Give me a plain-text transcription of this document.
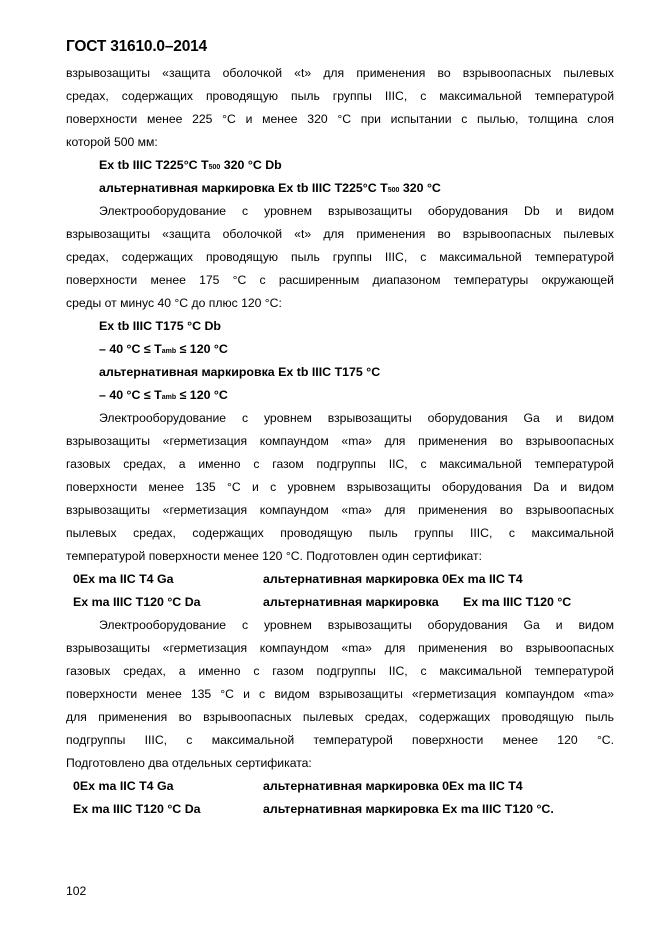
ГОСТ 31610.0–2014
взрывозащиты «защита оболочкой «t» для применения во взрывоопасных пылевых
средах, содержащих проводящую пыль группы IIIC, с максимальной температурой
поверхности менее 225 °С и менее 320 °С при испытании с пылью, толщина слоя
которой 500 мм:
Ex tb IIIC T225°C T500 320 °C Db
альтернативная маркировка Ex tb IIIC T225°C T500 320 °C
Электрооборудование с уровнем взрывозащиты оборудования Db и видом
взрывозащиты «защита оболочкой «t» для применения во взрывоопасных пылевых
средах, содержащих проводящую пыль группы IIIC, с максимальной температурой
поверхности менее 175 °С с расширенным диапазоном температуры окружающей
среды от минус 40 °С до плюс 120 °С:
Ex tb IIIC T175 °C Db
– 40 °C ≤ Tamb ≤ 120 °C
альтернативная маркировка Ex tb IIIC T175 °C
– 40 °C ≤ Tamb ≤ 120 °C
Электрооборудование с уровнем взрывозащиты оборудования Ga и видом
взрывозащиты «герметизация компаундом «ma» для применения во взрывоопасных
газовых средах, а именно с газом подгруппы IIC, с максимальной температурой
поверхности менее 135 °С и с уровнем взрывозащиты оборудования Da и видом
взрывозащиты «герметизация компаундом «ma» для применения во взрывоопасных
пылевых средах, содержащих проводящую пыль группы IIIC, с максимальной
температурой поверхности менее 120 °С. Подготовлен один сертификат:
0Ex ma IIC T4 Ga	альтернативная маркировка 0Ex ma IIC T4
Ex ma IIIC T120 °C Da	альтернативная маркировка Ex ma IIIC T120 °C
Электрооборудование с уровнем взрывозащиты оборудования Ga и видом
взрывозащиты «герметизация компаундом «ma» для применения во взрывоопасных
газовых средах, а именно с газом подгруппы IIC, с максимальной температурой
поверхности менее 135 °С и с видом взрывозащиты «герметизация компаундом «ma»
для применения во взрывоопасных пылевых средах, содержащих проводящую пыль
подгруппы IIIC, с максимальной температурой поверхности менее 120 °С.
Подготовлено два отдельных сертификата:
0Ex ma IIC T4 Ga	альтернативная маркировка 0Ex ma IIC T4
Ex ma IIIC T120 °C Da	альтернативная маркировка Ex ma IIIC T120 °C.
102
